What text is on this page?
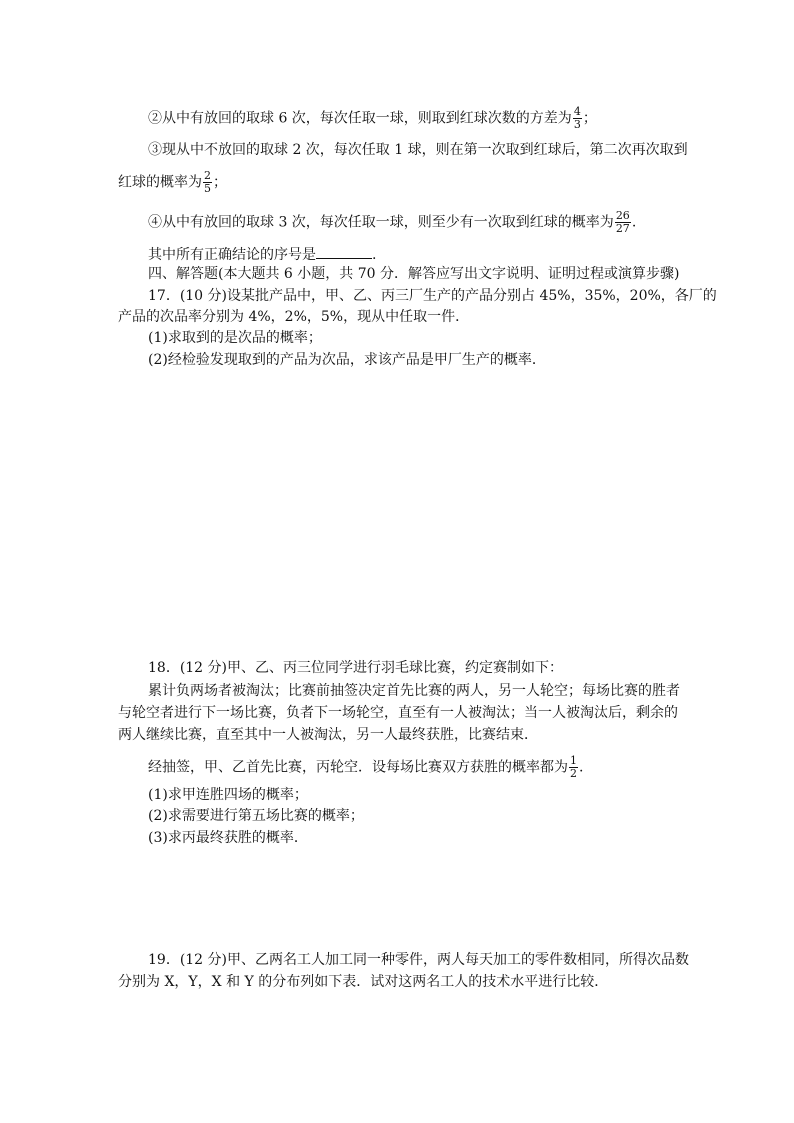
②从中有放回的取球 6 次，每次任取一球，则取到红球次数的方差为 $\frac{4}{3}$ ；
③现从中不放回的取球 2 次，每次任取 1 球，则在第一次取到红球后，第二次再次取到
红球的概率为 $\frac{2}{5}$ ；
④从中有放回的取球 3 次，每次任取一球，则至少有一次取到红球的概率为 $\frac{26}{27}$ .
其中所有正确结论的序号是	.
四、解答题(本大题共 6 小题，共 70 分．解答应写出文字说明、证明过程或演算步骤)
17．(10 分)设某批产品中，甲、乙、丙三厂生产的产品分别占 45%，35%，20%，各厂的
产品的次品率分别为 4%，2%，5%，现从中任取一件．
(1)求取到的是次品的概率；
(2)经检验发现取到的产品为次品，求该产品是甲厂生产的概率．
18．(12 分)甲、乙、丙三位同学进行羽毛球比赛，约定赛制如下：
累计负两场者被淘汰；比赛前抽签决定首先比赛的两人，另一人轮空；每场比赛的胜者
与轮空者进行下一场比赛，负者下一场轮空，直至有一人被淘汰；当一人被淘汰后，剩余的
两人继续比赛，直至其中一人被淘汰，另一人最终获胜，比赛结束．
经抽签，甲、乙首先比赛，丙轮空．设每场比赛双方获胜的概率都为 $\frac{1}{2}$ .
(1)求甲连胜四场的概率；
(2)求需要进行第五场比赛的概率；
(3)求丙最终获胜的概率．
19．(12 分)甲、乙两名工人加工同一种零件，两人每天加工的零件数相同，所得次品数
分别为 X，Y，X 和 Y 的分布列如下表．试对这两名工人的技术水平进行比较．
